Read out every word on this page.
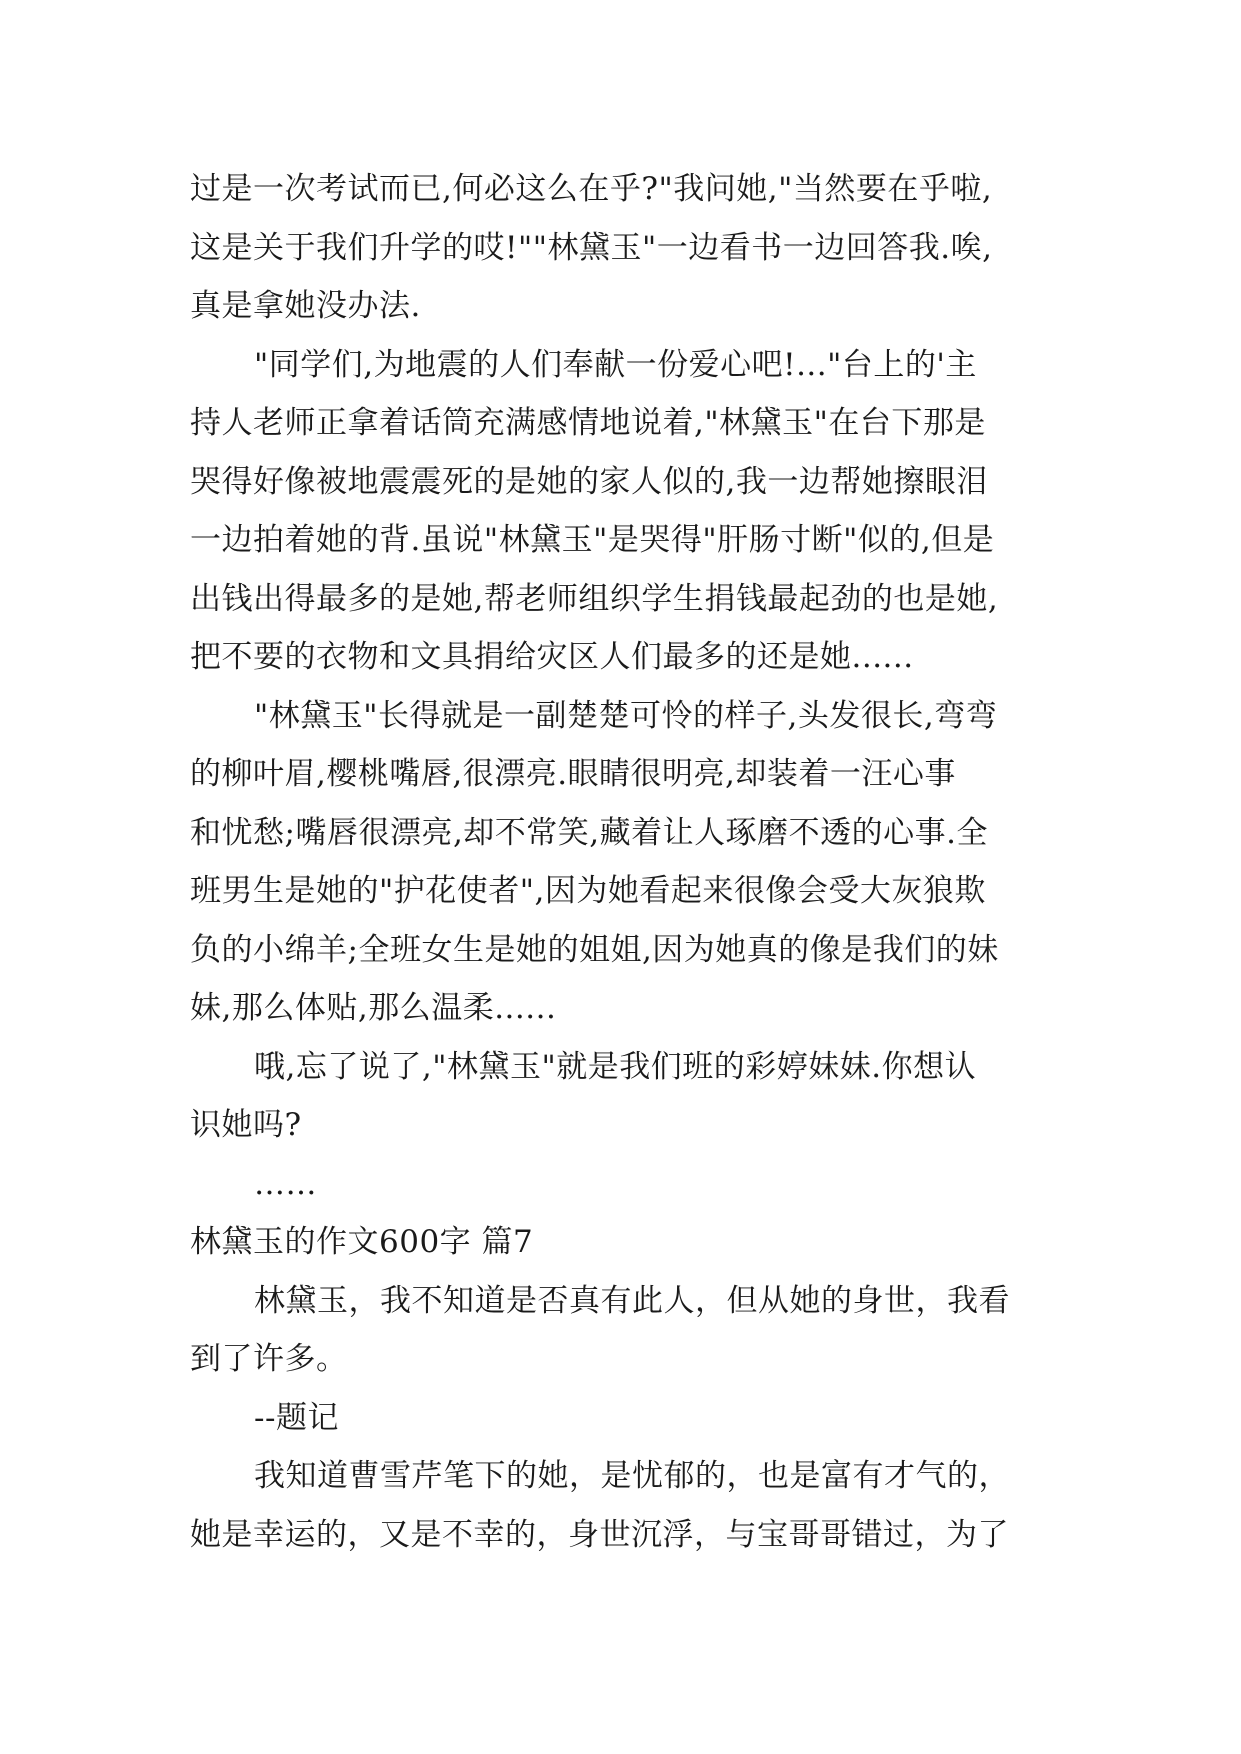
过是一次考试而已,何必这么在乎?"我问她,"当然要在乎啦,
这是关于我们升学的哎!""林黛玉"一边看书一边回答我.唉,
真是拿她没办法.
"同学们,为地震的人们奉献一份爱心吧!..."台上的'主
持人老师正拿着话筒充满感情地说着,"林黛玉"在台下那是
哭得好像被地震震死的是她的家人似的,我一边帮她擦眼泪
一边拍着她的背.虽说"林黛玉"是哭得"肝肠寸断"似的,但是
出钱出得最多的是她,帮老师组织学生捐钱最起劲的也是她,
把不要的衣物和文具捐给灾区人们最多的还是她......
"林黛玉"长得就是一副楚楚可怜的样子,头发很长,弯弯
的柳叶眉,樱桃嘴唇,很漂亮.眼睛很明亮,却装着一汪心事
和忧愁;嘴唇很漂亮,却不常笑,藏着让人琢磨不透的心事.全
班男生是她的"护花使者",因为她看起来很像会受大灰狼欺
负的小绵羊;全班女生是她的姐姐,因为她真的像是我们的妹
妹,那么体贴,那么温柔......
哦,忘了说了,"林黛玉"就是我们班的彩婷妹妹.你想认
识她吗?
……
林黛玉的作文600字 篇7
林黛玉，我不知道是否真有此人，但从她的身世，我看
到了许多。
--题记
我知道曹雪芹笔下的她，是忧郁的，也是富有才气的，
她是幸运的，又是不幸的，身世沉浮，与宝哥哥错过，为了
